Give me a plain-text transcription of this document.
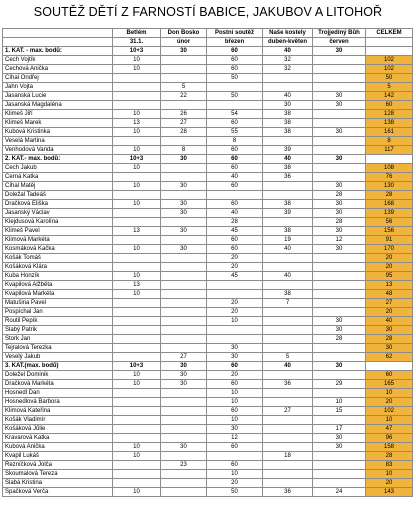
SOUTĚŽ DĚTÍ Z FARNOSTÍ BABICE, JAKUBOV A LITOHOŘ
	Betlém	Don Bosko	Postní soutěž	Naše kostely	Trojjediný Bůh	CELKEM
	31.1.	únor	březen	duben-květen	červen	
1. KAT. - max. bodů:	10+3	30	60	40	30	
Čech Vojtík	10		60	32		102
Čechová Anička	10		60	32		102
Číhal Ondřej			50			50
Jahn Vojta		5				5
Jasanská Lucie		22	50	40	30	142
Jasanská Magdaléna				30	30	60
Klimeš Jiří	10	26	54	38		128
Klimeš Marek	13	27	60	38		138
Kubová Kristinka	10	28	55	38	30	161
Veselá Martina			8			8
Venhodová Vanda	10	8	60	39		117
2. KAT.- max. bodů:	10+3	30	60	40	30	
Čech Jakub	10		60	38		108
Černá Katka			40	36		76
Číhal Matěj	10	30	60		30	130
Doležal Tadeáš					28	28
Dračková Eliška	10	30	60	38	30	168
Jasanský Václav		30	40	39	30	139
Klejdusová Karolína			28		28	56
Klimeš Pavel	13	30	45	38	30	156
Klimová Markéta			60	19	12	91
Kosmáková Kačka	10	30	60	40	30	170
Košák Tomáš			20			20
Košáková Klára			20			20
Kuba Honzík	10		45	40		95
Kvapilová Alžběta	13					13
Kvapilová Markéta	10			38		48
Matušina Pavel			20	7		27
Pospíchal Jan			20			20
Řoutil Pepík			10		30	40
Slabý Patrik					30	30
Štork Jan					28	28
Tejralová Terezka			30			30
Veselý Jakub		27	30	5		62
3. KAT.(max. bodů)	10+3	30	60	40	30	
Doležel Dominik	10	30	20			60
Dračková Markéta	10	30	60	36	29	165
Hosnedl Dan			10			10
Hosnedlová Barbora			10		10	20
Klimová Kateřina			60	27	15	102
Košák Vladimír			10			10
Košáková Jůlie			30		17	47
Kravarová Katka			12		30	96
Kubová Anička	10	30	60		30	158
Kvapil Lukáš	10			18		28
Řezníčková Jolča		23	60			83
Skoumalová Tereza			10			10
Slabá Kristina			20			20
Špačková Verča	10		50	36	24	143
